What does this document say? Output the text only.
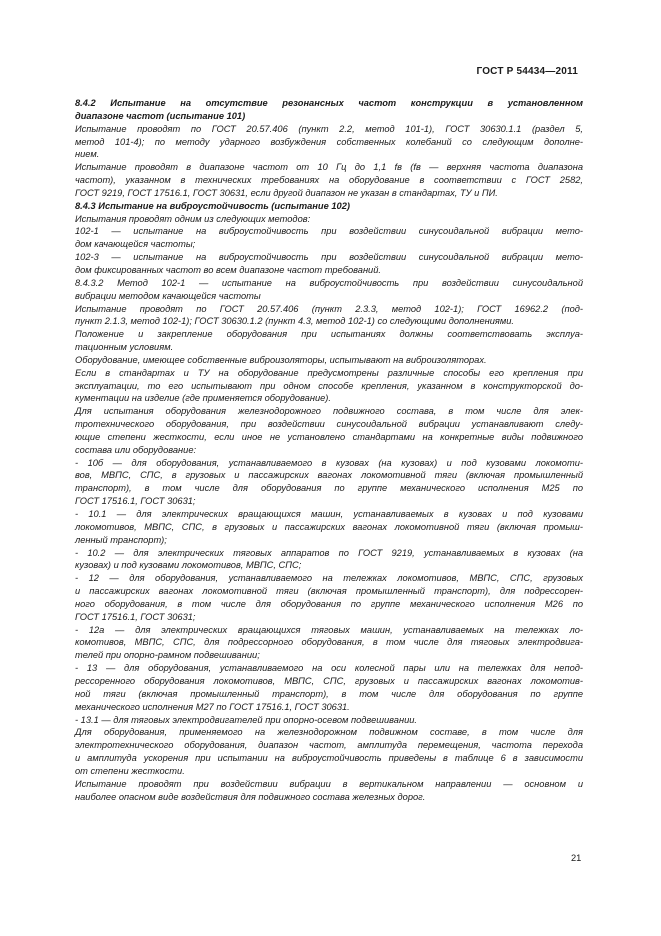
ГОСТ Р 54434—2011
8.4.2 Испытание на отсутствие резонансных частот конструкции в установленном
диапазоне частот (испытание 101)
Испытание проводят по ГОСТ 20.57.406 (пункт 2.2, метод 101-1), ГОСТ 30630.1.1 (раздел 5,
метод 101-4); по методу ударного возбуждения собственных колебаний со следующим дополне-
нием.
Испытание проводят в диапазоне частот от 10 Гц до 1,1 fв (fв — верхняя частота диапазона
частот), указанном в технических требованиях на оборудование в соответствии с ГОСТ 2582,
ГОСТ 9219, ГОСТ 17516.1, ГОСТ 30631, если другой диапазон не указан в стандартах, ТУ и ПИ.
8.4.3 Испытание на виброустойчивость (испытание 102)
Испытания проводят одним из следующих методов:
102-1 — испытание на виброустойчивость при воздействии синусоидальной вибрации мето-
дом качающейся частоты;
102-3 — испытание на виброустойчивость при воздействии синусоидальной вибрации мето-
дом фиксированных частот во всем диапазоне частот требований.
8.4.3.2 Метод 102-1 — испытание на виброустойчивость при воздействии синусоидальной
вибрации методом качающейся частоты
Испытание проводят по ГОСТ 20.57.406 (пункт 2.3.3, метод 102-1); ГОСТ 16962.2 (под-
пункт 2.1.3, метод 102-1); ГОСТ 30630.1.2 (пункт 4.3, метод 102-1) со следующими дополнениями.
Положение и закрепление оборудования при испытаниях должны соответствовать эксплуа-
тационным условиям.
Оборудование, имеющее собственные виброизоляторы, испытывают на виброизоляторах.
Если в стандартах и ТУ на оборудование предусмотрены различные способы его крепления при
эксплуатации, то его испытывают при одном способе крепления, указанном в конструкторской до-
кументации на изделие (где применяется оборудование).
Для испытания оборудования железнодорожного подвижного состава, в том числе для элек-
тротехнического оборудования, при воздействии синусоидальной вибрации устанавливают следу-
ющие степени жесткости, если иное не установлено стандартами на конкретные виды подвижного
состава или оборудование:
- 10б — для оборудования, устанавливаемого в кузовах (на кузовах) и под кузовами локомоти-
вов, МВПС, СПС, в грузовых и пассажирских вагонах локомотивной тяги (включая промышленный
транспорт), в том числе для оборудования по группе механического исполнения М25 по
ГОСТ 17516.1, ГОСТ 30631;
- 10.1 — для электрических вращающихся машин, устанавливаемых в кузовах и под кузовами
локомотивов, МВПС, СПС, в грузовых и пассажирских вагонах локомотивной тяги (включая промыш-
ленный транспорт);
- 10.2 — для электрических тяговых аппаратов по ГОСТ 9219, устанавливаемых в кузовах (на
кузовах) и под кузовами локомотивов, МВПС, СПС;
- 12 — для оборудования, устанавливаемого на тележках локомотивов, МВПС, СПС, грузовых
и пассажирских вагонах локомотивной тяги (включая промышленный транспорт), для подрессорен-
ного оборудования, в том числе для оборудования по группе механического исполнения М26 по
ГОСТ 17516.1, ГОСТ 30631;
- 12а — для электрических вращающихся тяговых машин, устанавливаемых на тележках ло-
комотивов, МВПС, СПС, для подрессорного оборудования, в том числе для тяговых электродвига-
телей при опорно-рамном подвешивании;
- 13 — для оборудования, устанавливаемого на оси колесной пары или на тележках для непод-
рессоренного оборудования локомотивов, МВПС, СПС, грузовых и пассажирских вагонах локомотив-
ной тяги (включая промышленный транспорт), в том числе для оборудования по группе
механического исполнения М27 по ГОСТ 17516.1, ГОСТ 30631.
- 13.1 — для тяговых электродвигателей при опорно-осевом подвешивании.
Для оборудования, применяемого на железнодорожном подвижном составе, в том числе для
электротехнического оборудования, диапазон частот, амплитуда перемещения, частота перехода
и амплитуда ускорения при испытании на виброустойчивость приведены в таблице 6 в зависимости
от степени жесткости.
Испытание проводят при воздействии вибрации в вертикальном направлении — основном и
наиболее опасном виде воздействия для подвижного состава железных дорог.
21
